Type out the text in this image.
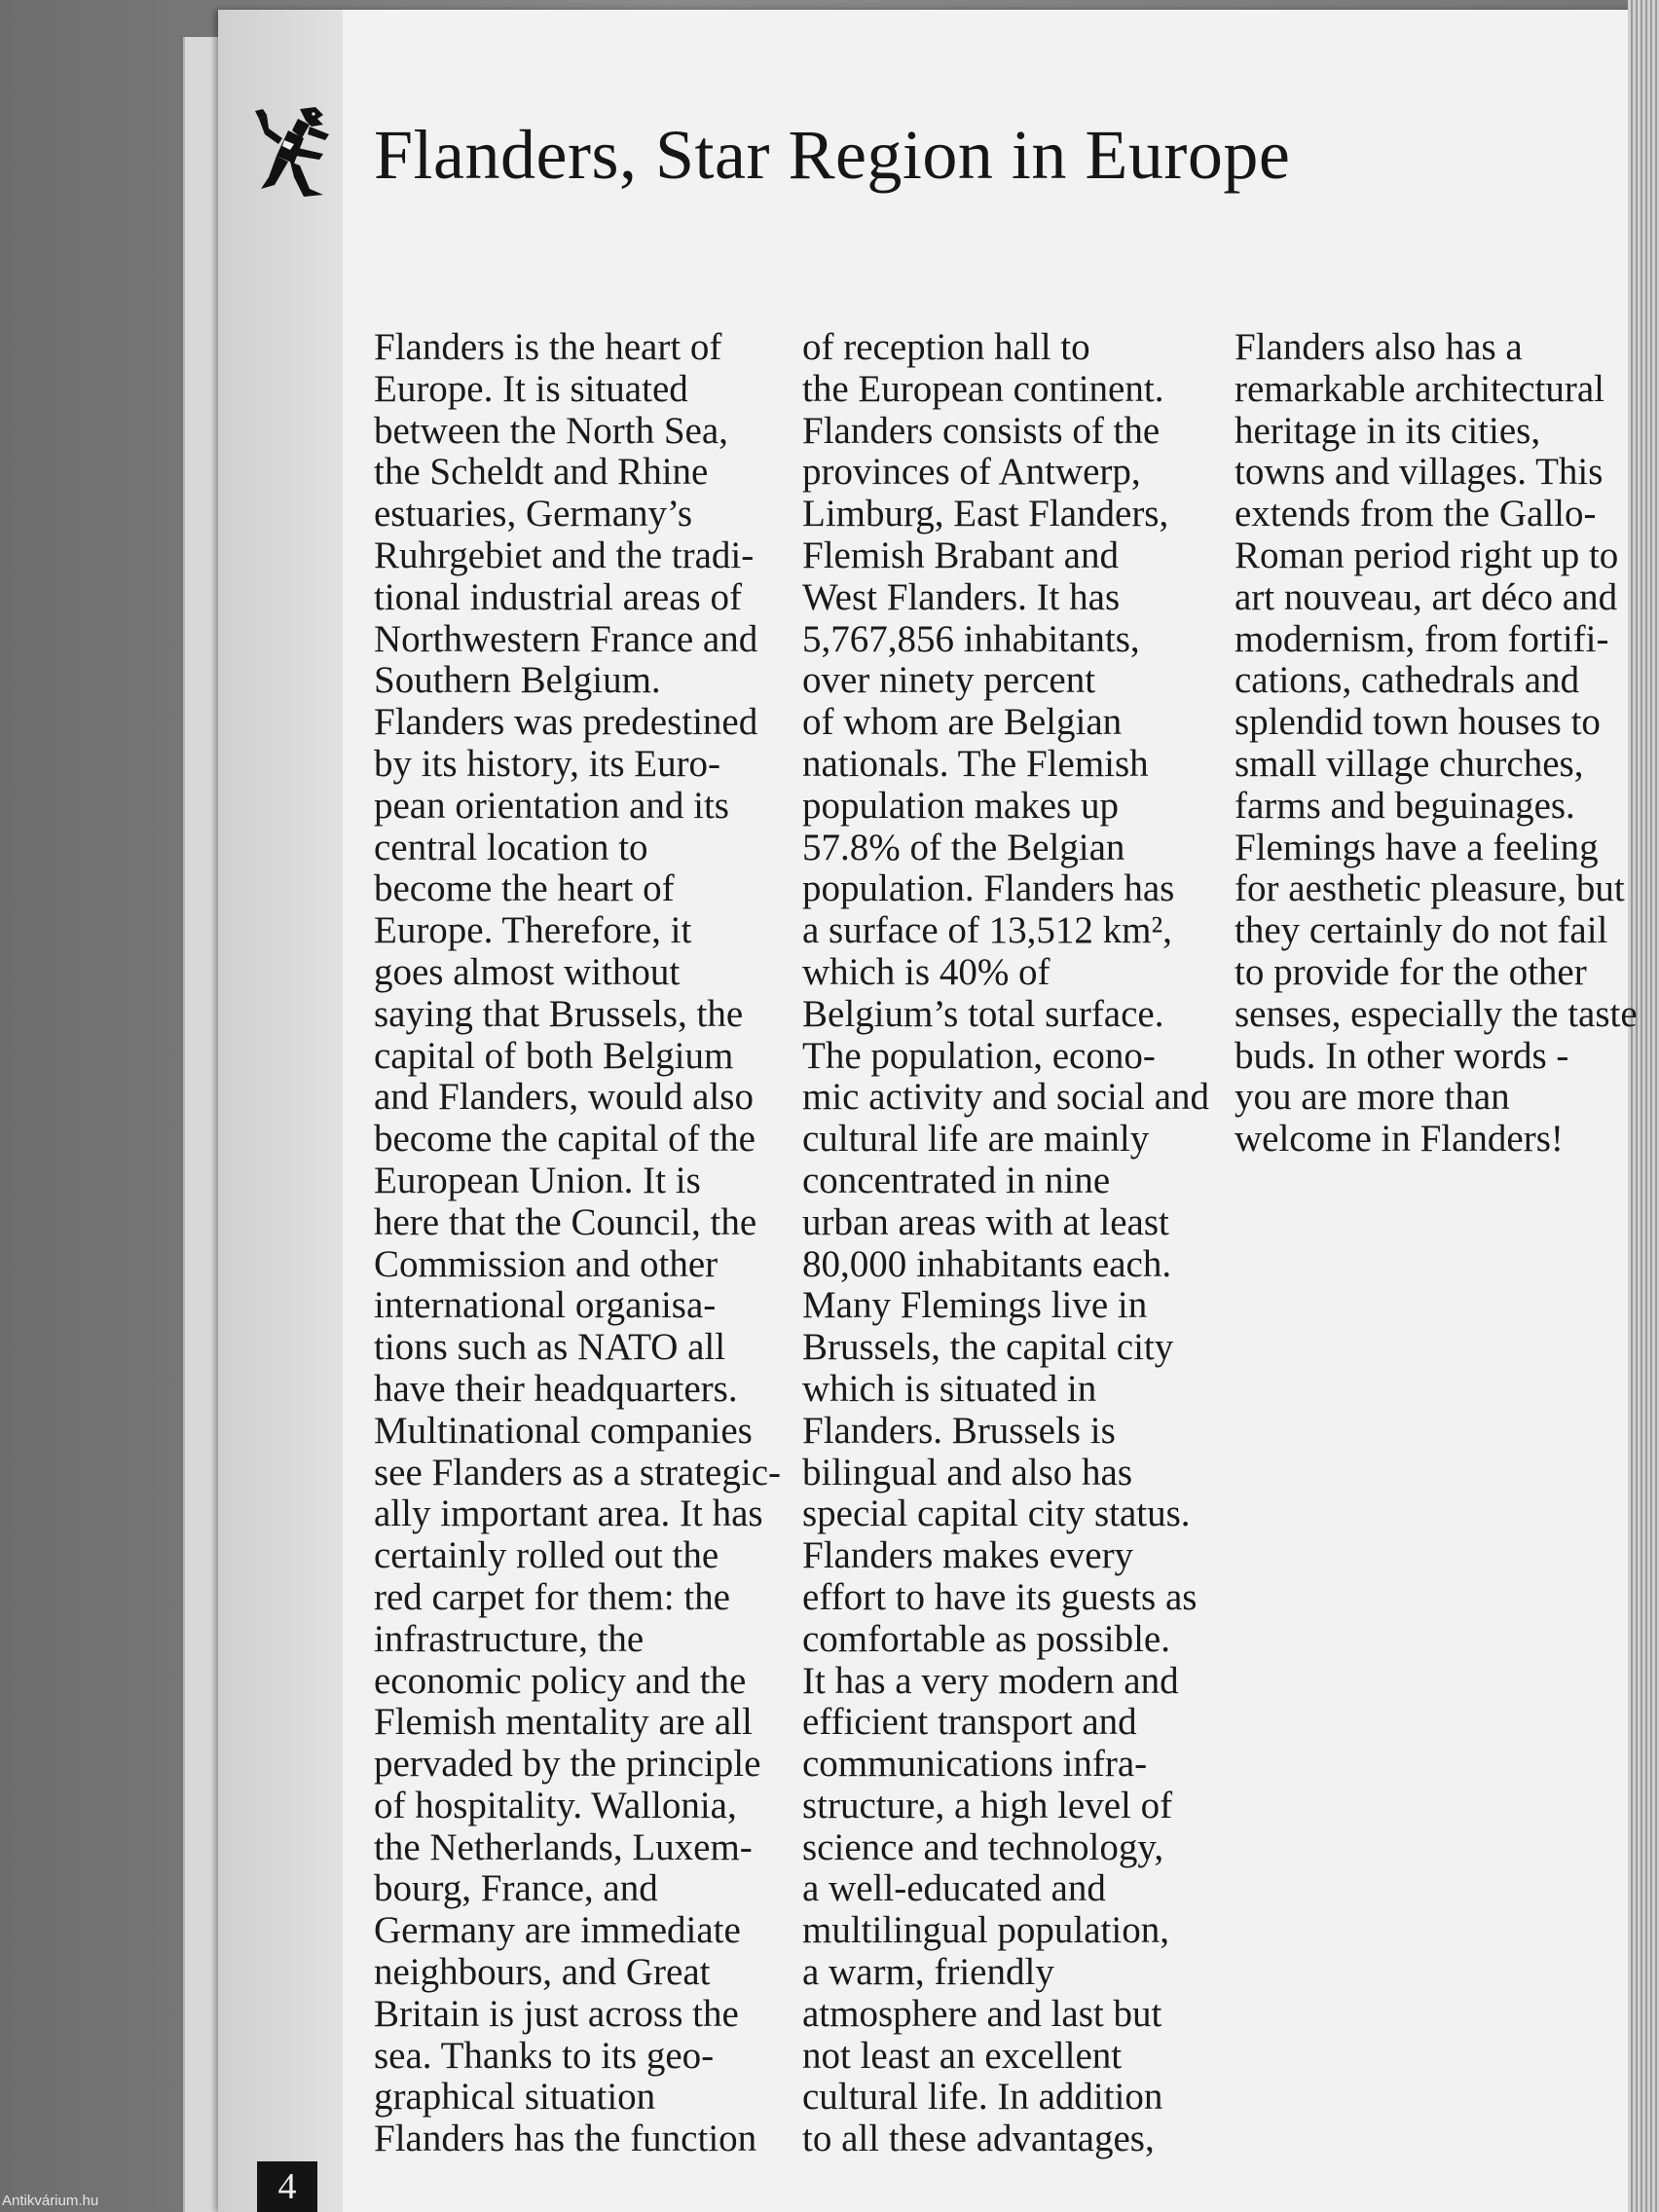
Flanders, Star Region in Europe
Flanders is the heart of
Europe. It is situated
between the North Sea,
the Scheldt and Rhine
estuaries, Germany’s
Ruhrgebiet and the tradi-
tional industrial areas of
Northwestern France and
Southern Belgium.
Flanders was predestined
by its history, its Euro-
pean orientation and its
central location to
become the heart of
Europe. Therefore, it
goes almost without
saying that Brussels, the
capital of both Belgium
and Flanders, would also
become the capital of the
European Union. It is
here that the Council, the
Commission and other
international organisa-
tions such as NATO all
have their headquarters.
Multinational companies
see Flanders as a strategic-
ally important area. It has
certainly rolled out the
red carpet for them: the
infrastructure, the
economic policy and the
Flemish mentality are all
pervaded by the principle
of hospitality. Wallonia,
the Netherlands, Luxem-
bourg, France, and
Germany are immediate
neighbours, and Great
Britain is just across the
sea. Thanks to its geo-
graphical situation
Flanders has the function
of reception hall to
the European continent.
Flanders consists of the
provinces of Antwerp,
Limburg, East Flanders,
Flemish Brabant and
West Flanders. It has
5,767,856 inhabitants,
over ninety percent
of whom are Belgian
nationals. The Flemish
population makes up
57.8% of the Belgian
population. Flanders has
a surface of 13,512 km²,
which is 40% of
Belgium’s total surface.
The population, econo-
mic activity and social and
cultural life are mainly
concentrated in nine
urban areas with at least
80,000 inhabitants each.
Many Flemings live in
Brussels, the capital city
which is situated in
Flanders. Brussels is
bilingual and also has
special capital city status.
Flanders makes every
effort to have its guests as
comfortable as possible.
It has a very modern and
efficient transport and
communications infra-
structure, a high level of
science and technology,
a well-educated and
multilingual population,
a warm, friendly
atmosphere and last but
not least an excellent
cultural life. In addition
to all these advantages,
Flanders also has a
remarkable architectural
heritage in its cities,
towns and villages. This
extends from the Gallo-
Roman period right up to
art nouveau, art déco and
modernism, from fortifi-
cations, cathedrals and
splendid town houses to
small village churches,
farms and beguinages.
Flemings have a feeling
for aesthetic pleasure, but
they certainly do not fail
to provide for the other
senses, especially the taste
buds. In other words -
you are more than
welcome in Flanders!
4
Antikvárium.hu
